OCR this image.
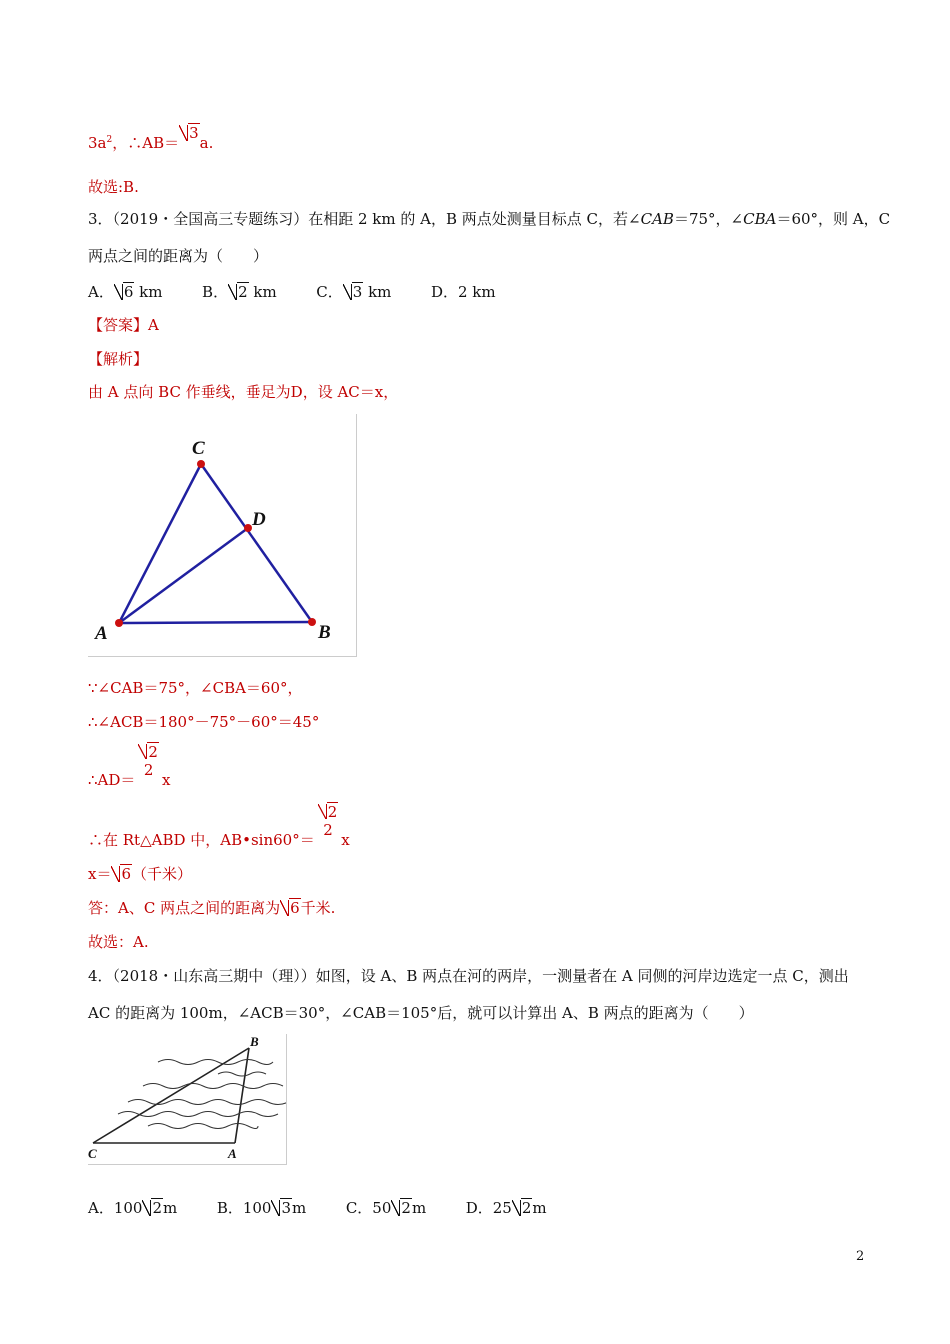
$3a^2$，∴AB＝3a.
故选:B.
3．（2019・全国高三专题练习）在相距 2 km 的 A，B 两点处测量目标点 C，若∠CAB＝75°，∠CBA＝60°，则 A，C
两点之间的距离为（　　）
A． 6 km	B． 2 km	C． 3 km	D．2 km
【答案】A
【解析】
由 A 点向 BC 作垂线，垂足为D，设 AC＝x，
A	B
C
D
∵∠CAB＝75°，∠CBA＝60°，
∴∠ACB＝180°－75°－60°＝45°
∴AD＝
2
2
x
∴在 Rt△ABD 中，AB•sin60°＝
2
2
x
x＝ 6（千米）
答：A、C 两点之间的距离为 6千米.
故选：A.
4．（2018・山东高三期中（理））如图，设 A、B 两点在河的两岸，一测量者在 A 同侧的河岸边选定一点 C，测出
AC 的距离为 100m，∠ACB＝30°，∠CAB＝105°后，就可以计算出 A、B 两点的距离为（　　）
C	A
B
A．100 2m	B．100 3m	C．50 2m	D．25 2m
2
